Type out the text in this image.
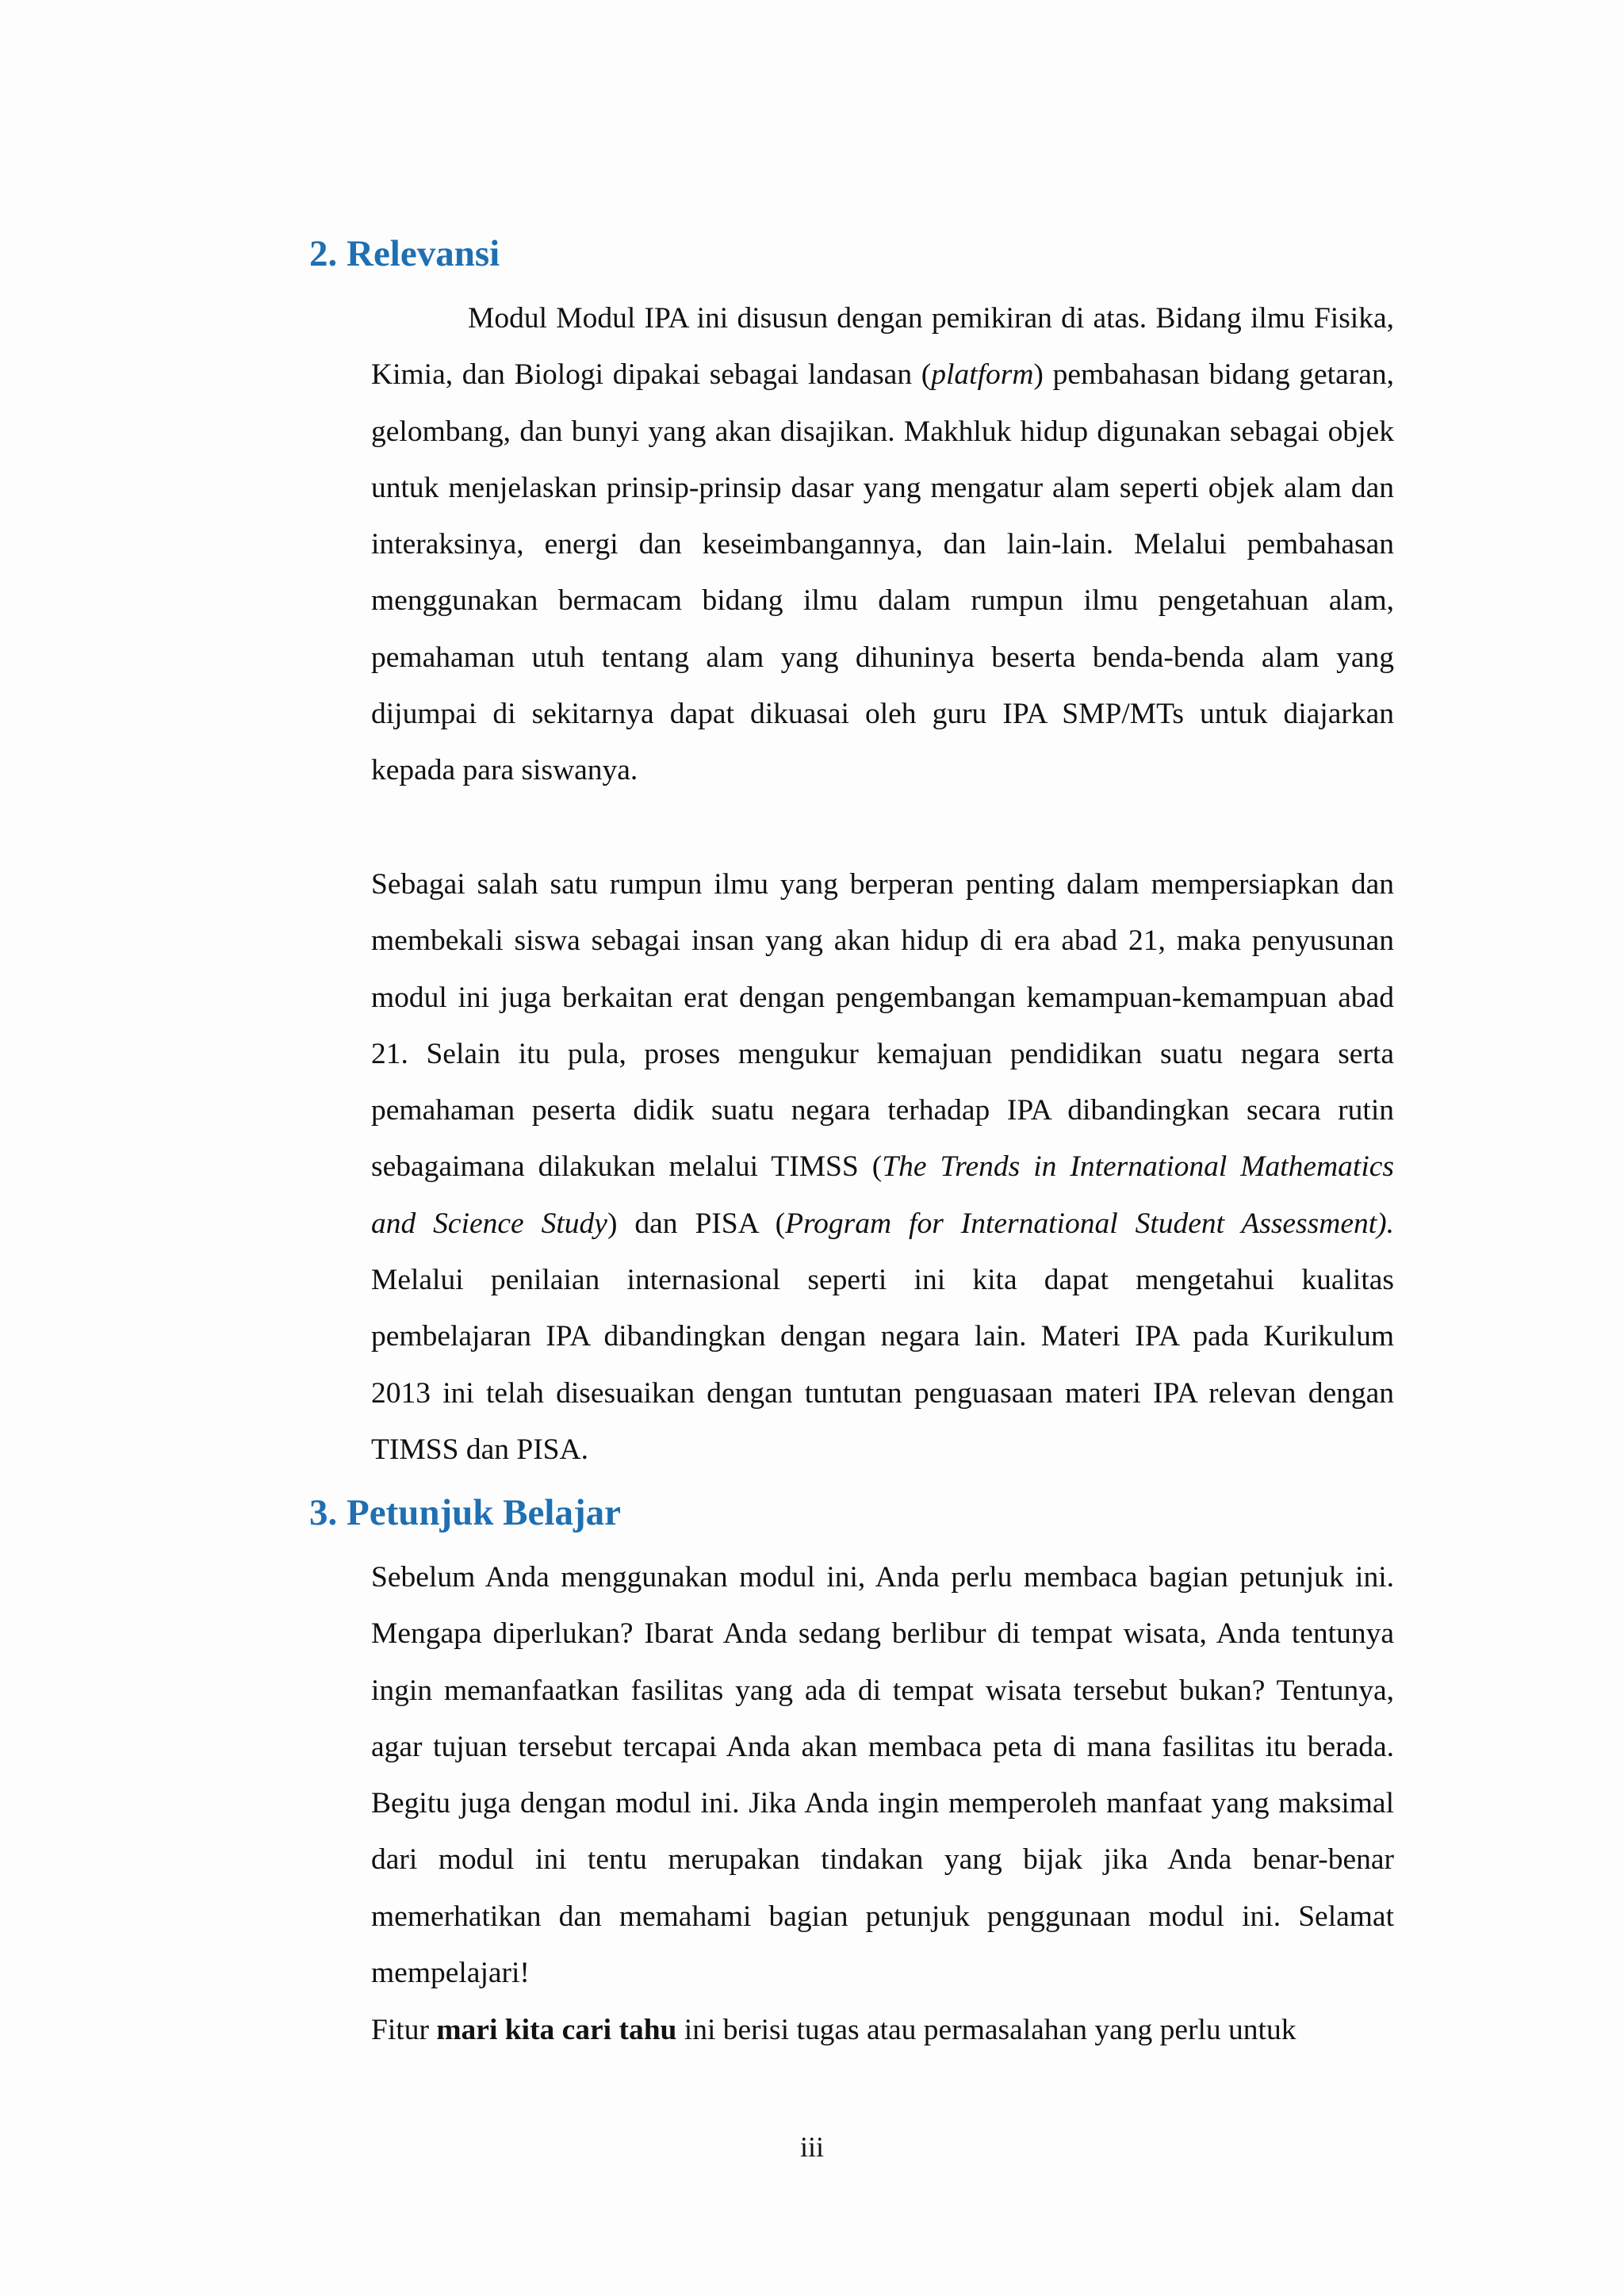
2. Relevansi

Modul Modul IPA ini disusun dengan pemikiran di atas. Bidang ilmu Fisika, Kimia, dan Biologi dipakai sebagai landasan (platform) pembahasan bidang getaran, gelombang, dan bunyi yang akan disajikan. Makhluk hidup digunakan sebagai objek untuk menjelaskan prinsip-prinsip dasar yang mengatur alam seperti objek alam dan interaksinya, energi dan keseimbangannya, dan lain-lain. Melalui pembahasan menggunakan bermacam bidang ilmu dalam rumpun ilmu pengetahuan alam, pemahaman utuh tentang alam yang dihuninya beserta benda-benda alam yang dijumpai di sekitarnya dapat dikuasai oleh guru IPA SMP/MTs untuk diajarkan kepada para siswanya.

Sebagai salah satu rumpun ilmu yang berperan penting dalam mempersiapkan dan membekali siswa sebagai insan yang akan hidup di era abad 21, maka penyusunan modul ini juga berkaitan erat dengan pengembangan kemampuan-kemampuan abad 21. Selain itu pula, proses mengukur kemajuan pendidikan suatu negara serta pemahaman peserta didik suatu negara terhadap IPA dibandingkan secara rutin sebagaimana dilakukan melalui TIMSS (The Trends in International Mathematics and Science Study) dan PISA (Program for International Student Assessment). Melalui penilaian internasional seperti ini kita dapat mengetahui kualitas pembelajaran IPA dibandingkan dengan negara lain. Materi IPA pada Kurikulum 2013 ini telah disesuaikan dengan tuntutan penguasaan materi IPA relevan dengan TIMSS dan PISA.

3. Petunjuk Belajar

Sebelum Anda menggunakan modul ini, Anda perlu membaca bagian petunjuk ini. Mengapa diperlukan? Ibarat Anda sedang berlibur di tempat wisata, Anda tentunya ingin memanfaatkan fasilitas yang ada di tempat wisata tersebut bukan? Tentunya, agar tujuan tersebut tercapai Anda akan membaca peta di mana fasilitas itu berada. Begitu juga dengan modul ini. Jika Anda ingin memperoleh manfaat yang maksimal dari modul ini tentu merupakan tindakan yang bijak jika Anda benar-benar memerhatikan dan memahami bagian petunjuk penggunaan modul ini. Selamat mempelajari!

Fitur mari kita cari tahu ini berisi tugas atau permasalahan yang perlu untuk

iii
